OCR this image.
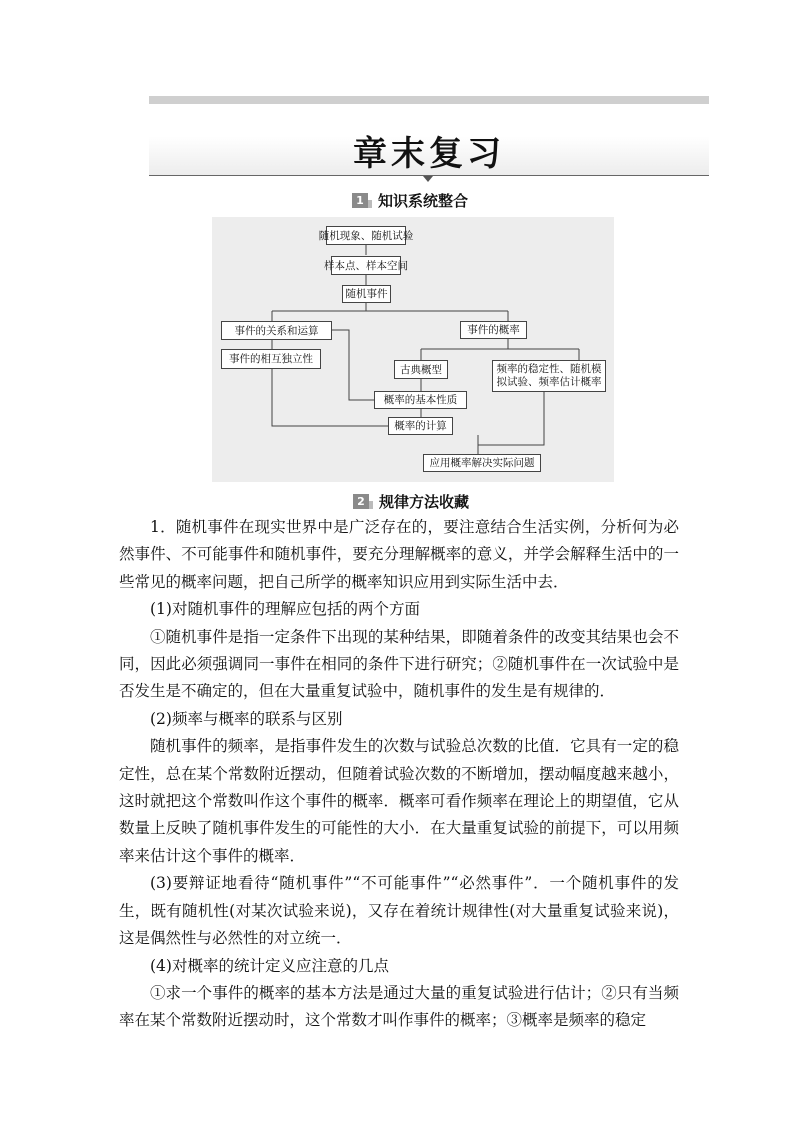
章末复习
1 知识系统整合
随机现象、随机试验
样本点、样本空间
随机事件
事件的关系和运算	事件的概率
事件的相互独立性
古典概型	频率的稳定性、随机模拟试验、频率估计概率
概率的基本性质
概率的计算
应用概率解决实际问题
2 规律方法收藏

1．随机事件在现实世界中是广泛存在的，要注意结合生活实例，分析何为必然事件、不可能事件和随机事件，要充分理解概率的意义，并学会解释生活中的一些常见的概率问题，把自己所学的概率知识应用到实际生活中去．

(1)对随机事件的理解应包括的两个方面

①随机事件是指一定条件下出现的某种结果，即随着条件的改变其结果也会不同，因此必须强调同一事件在相同的条件下进行研究；②随机事件在一次试验中是否发生是不确定的，但在大量重复试验中，随机事件的发生是有规律的．

(2)频率与概率的联系与区别

随机事件的频率，是指事件发生的次数与试验总次数的比值．它具有一定的稳定性，总在某个常数附近摆动，但随着试验次数的不断增加，摆动幅度越来越小，这时就把这个常数叫作这个事件的概率．概率可看作频率在理论上的期望值，它从数量上反映了随机事件发生的可能性的大小．在大量重复试验的前提下，可以用频率来估计这个事件的概率．

(3)要辩证地看待“随机事件”“不可能事件”“必然事件”．一个随机事件的发生，既有随机性(对某次试验来说)，又存在着统计规律性(对大量重复试验来说)，这是偶然性与必然性的对立统一．

(4)对概率的统计定义应注意的几点

①求一个事件的概率的基本方法是通过大量的重复试验进行估计；②只有当频率在某个常数附近摆动时，这个常数才叫作事件的概率；③概率是频率的稳定
